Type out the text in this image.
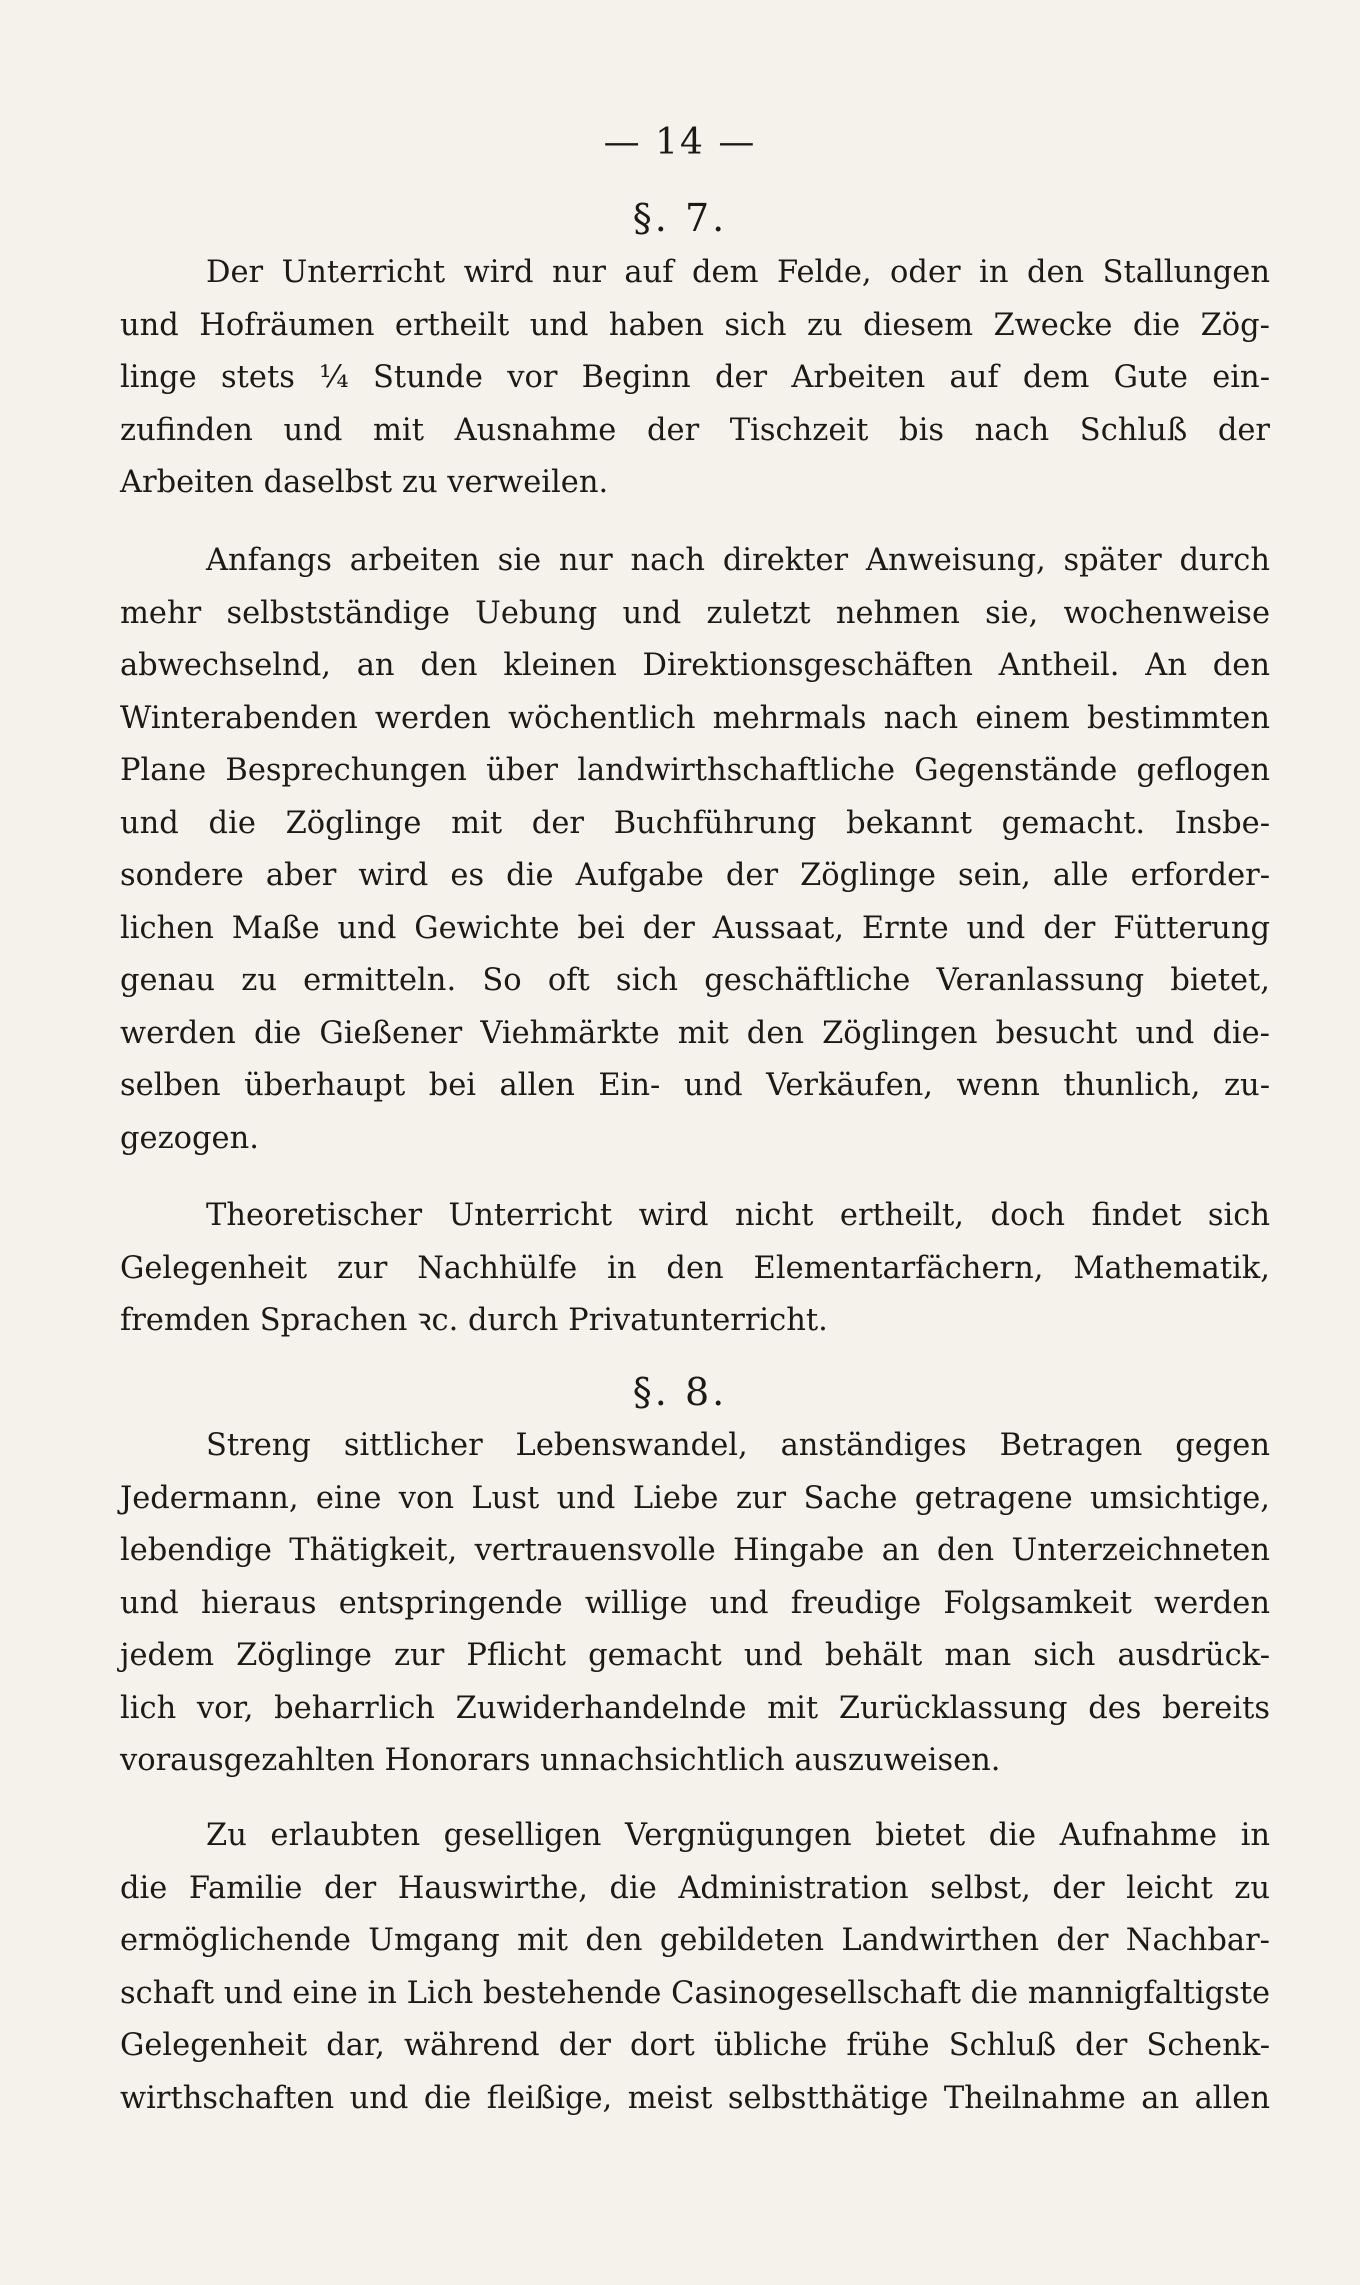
— 14 —
§. 7.
Der Unterricht wird nur auf dem Felde, oder in den Stallungen
und Hofräumen ertheilt und haben sich zu diesem Zwecke die Zög-
linge stets ¼ Stunde vor Beginn der Arbeiten auf dem Gute ein-
zufinden und mit Ausnahme der Tischzeit bis nach Schluß der
Arbeiten daselbst zu verweilen.
Anfangs arbeiten sie nur nach direkter Anweisung, später durch
mehr selbstständige Uebung und zuletzt nehmen sie, wochenweise
abwechselnd, an den kleinen Direktionsgeschäften Antheil. An den
Winterabenden werden wöchentlich mehrmals nach einem bestimmten
Plane Besprechungen über landwirthschaftliche Gegenstände geflogen
und die Zöglinge mit der Buchführung bekannt gemacht. Insbe-
sondere aber wird es die Aufgabe der Zöglinge sein, alle erforder-
lichen Maße und Gewichte bei der Aussaat, Ernte und der Fütterung
genau zu ermitteln. So oft sich geschäftliche Veranlassung bietet,
werden die Gießener Viehmärkte mit den Zöglingen besucht und die-
selben überhaupt bei allen Ein- und Verkäufen, wenn thunlich, zu-
gezogen.
Theoretischer Unterricht wird nicht ertheilt, doch findet sich
Gelegenheit zur Nachhülfe in den Elementarfächern, Mathematik,
fremden Sprachen ꝛc. durch Privatunterricht.
§. 8.
Streng sittlicher Lebenswandel, anständiges Betragen gegen
Jedermann, eine von Lust und Liebe zur Sache getragene umsichtige,
lebendige Thätigkeit, vertrauensvolle Hingabe an den Unterzeichneten
und hieraus entspringende willige und freudige Folgsamkeit werden
jedem Zöglinge zur Pflicht gemacht und behält man sich ausdrück-
lich vor, beharrlich Zuwiderhandelnde mit Zurücklassung des bereits
vorausgezahlten Honorars unnachsichtlich auszuweisen.
Zu erlaubten geselligen Vergnügungen bietet die Aufnahme in
die Familie der Hauswirthe, die Administration selbst, der leicht zu
ermöglichende Umgang mit den gebildeten Landwirthen der Nachbar-
schaft und eine in Lich bestehende Casinogesellschaft die mannigfaltigste
Gelegenheit dar, während der dort übliche frühe Schluß der Schenk-
wirthschaften und die fleißige, meist selbstthätige Theilnahme an allen
